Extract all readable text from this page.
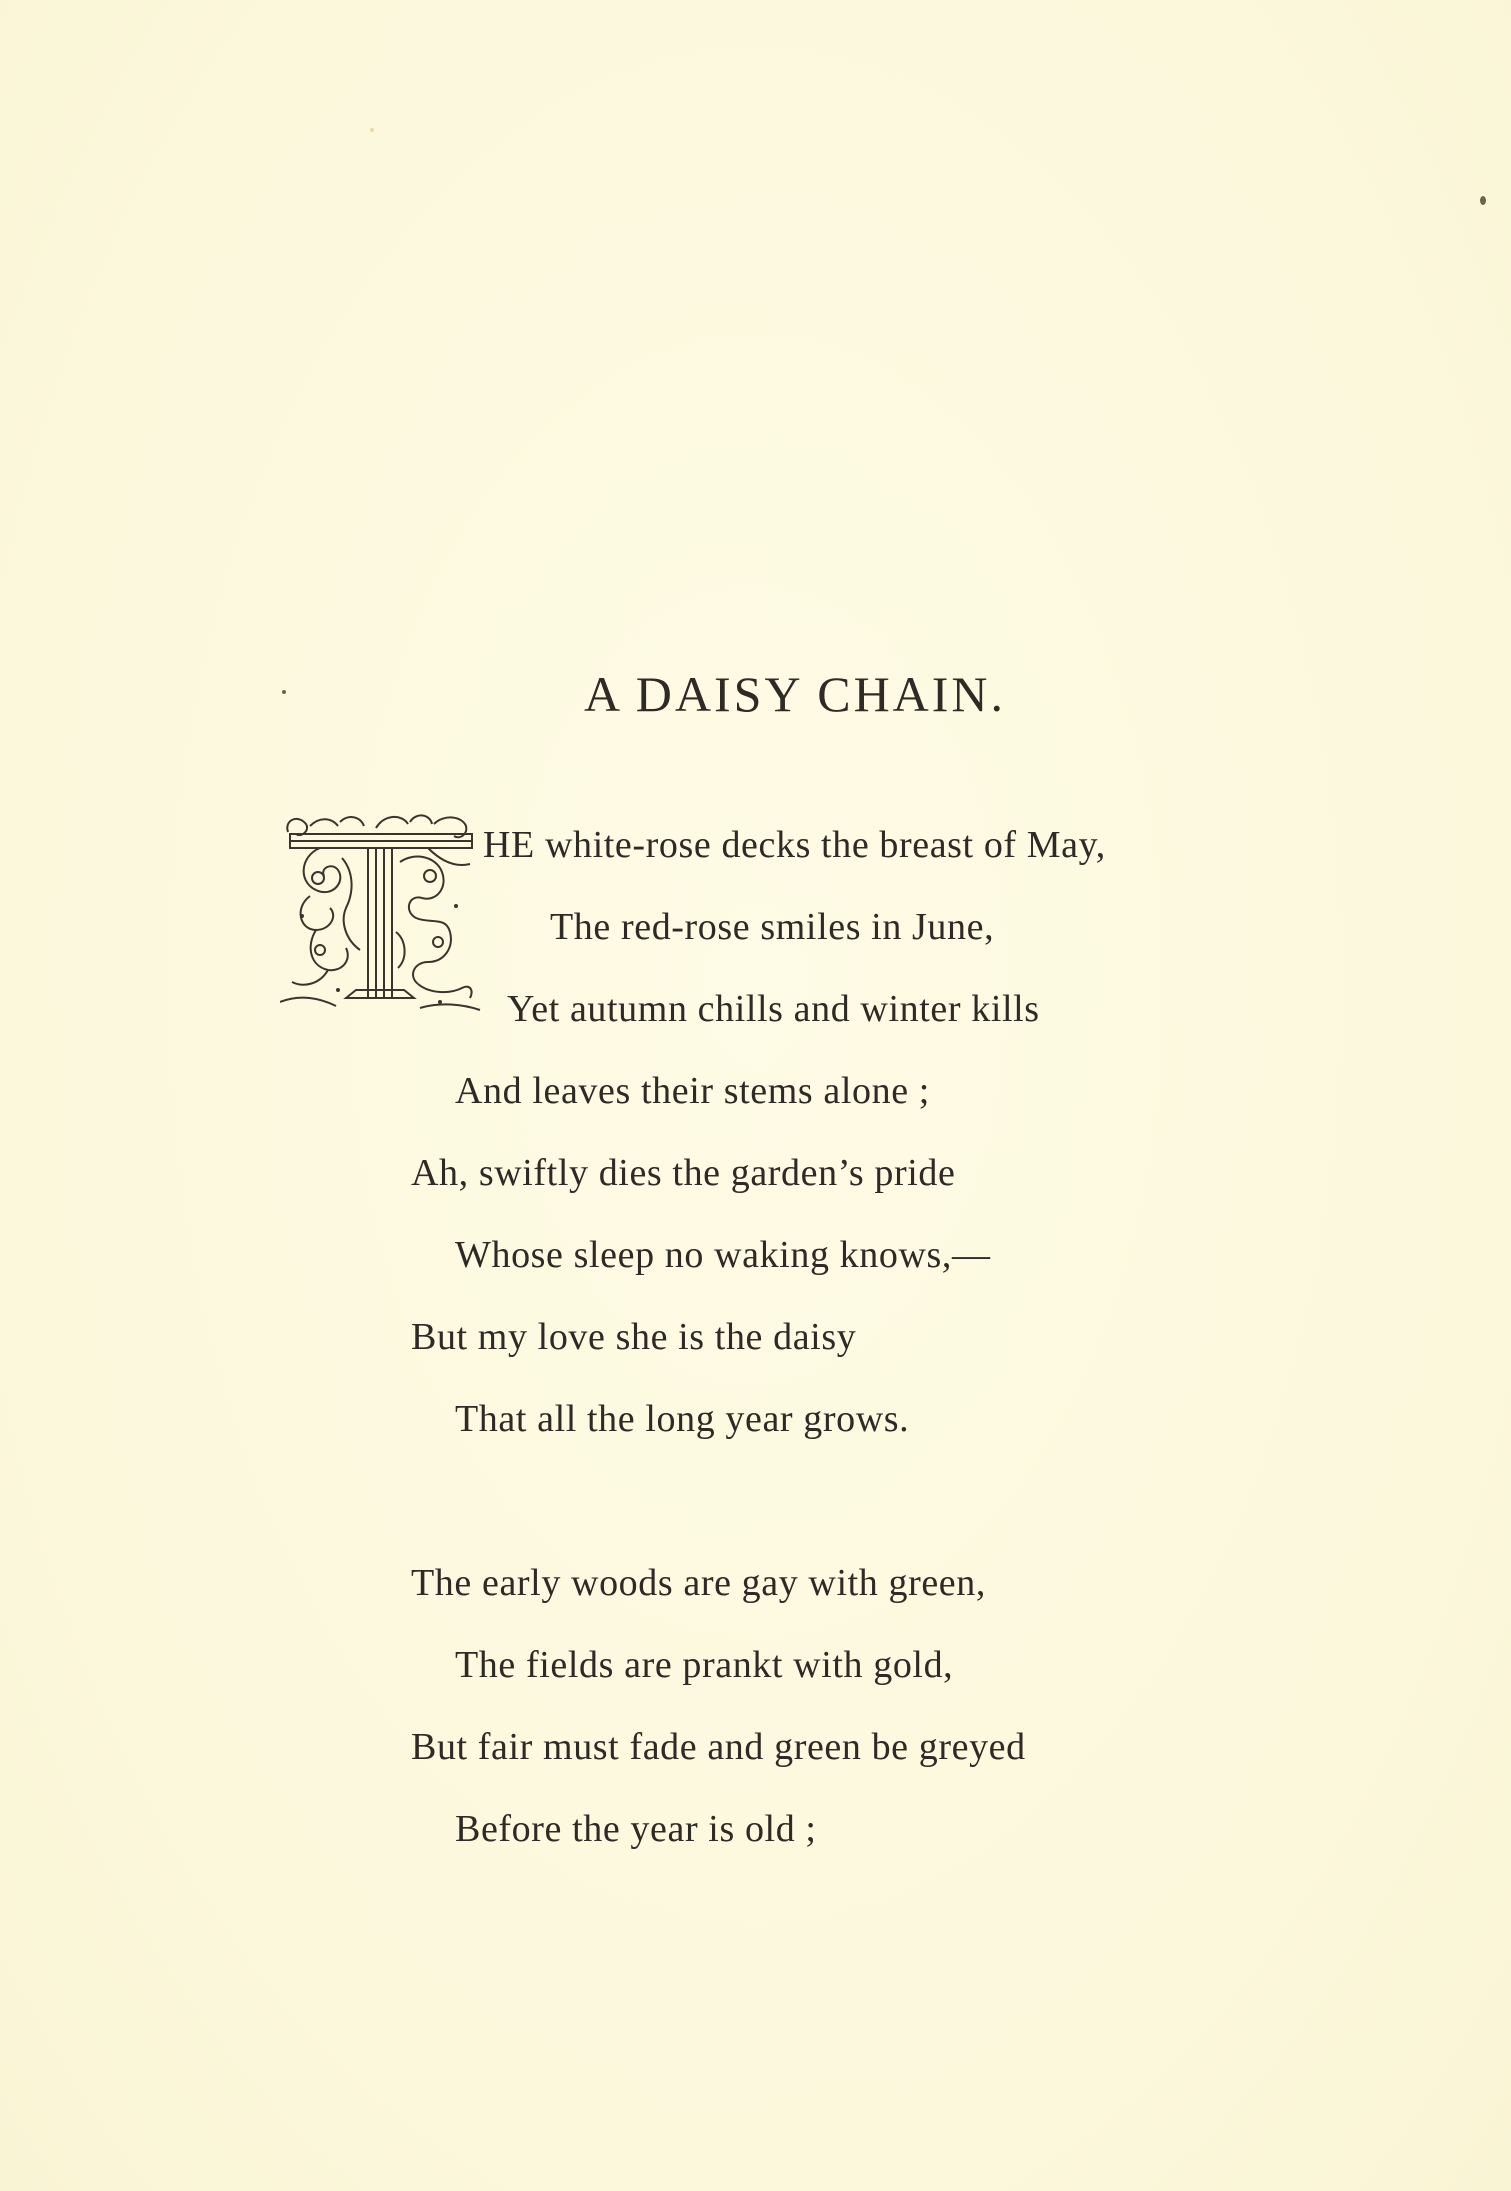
A DAISY CHAIN.
HE white-rose decks the breast of May,
The red-rose smiles in June,
Yet autumn chills and winter kills
And leaves their stems alone ;
Ah, swiftly dies the garden’s pride
Whose sleep no waking knows,—
But my love she is the daisy
That all the long year grows.
The early woods are gay with green,
The fields are prankt with gold,
But fair must fade and green be greyed
Before the year is old ;
